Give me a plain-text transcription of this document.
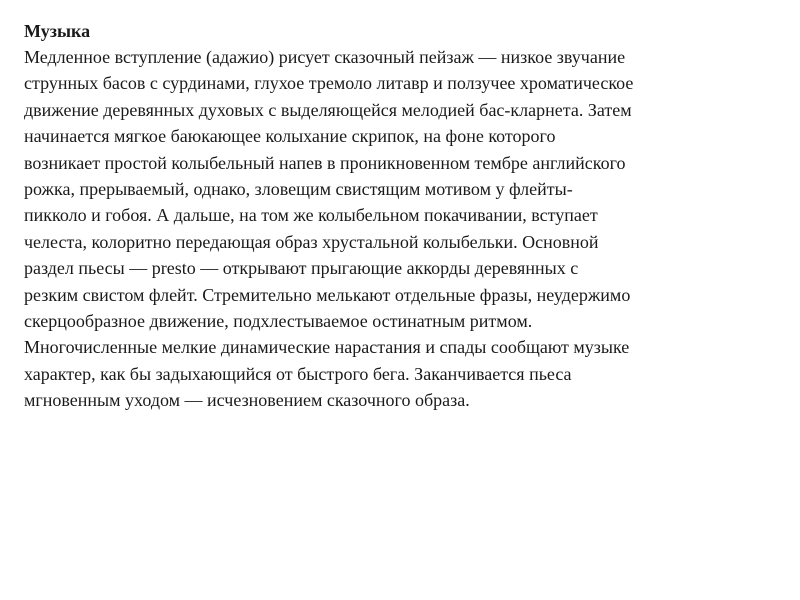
Музыка

Медленное вступление (адажио) рисует сказочный пейзаж — низкое звучание
струнных басов с сурдинами, глухое тремоло литавр и ползучее хроматическое
движение деревянных духовых с выделяющейся мелодией бас-кларнета. Затем
начинается мягкое баюкающее колыхание скрипок, на фоне которого
возникает простой колыбельный напев в проникновенном тембре английского
рожка, прерываемый, однако, зловещим свистящим мотивом у флейты-
пикколо и гобоя. А дальше, на том же колыбельном покачивании, вступает
челеста, колоритно передающая образ хрустальной колыбельки. Основной
раздел пьесы — presto — открывают прыгающие аккорды деревянных с
резким свистом флейт. Стремительно мелькают отдельные фразы, неудержимо
скерцообразное движение, подхлестываемое остинатным ритмом.
Многочисленные мелкие динамические нарастания и спады сообщают музыке
характер, как бы задыхающийся от быстрого бега. Заканчивается пьеса
мгновенным уходом — исчезновением сказочного образа.
